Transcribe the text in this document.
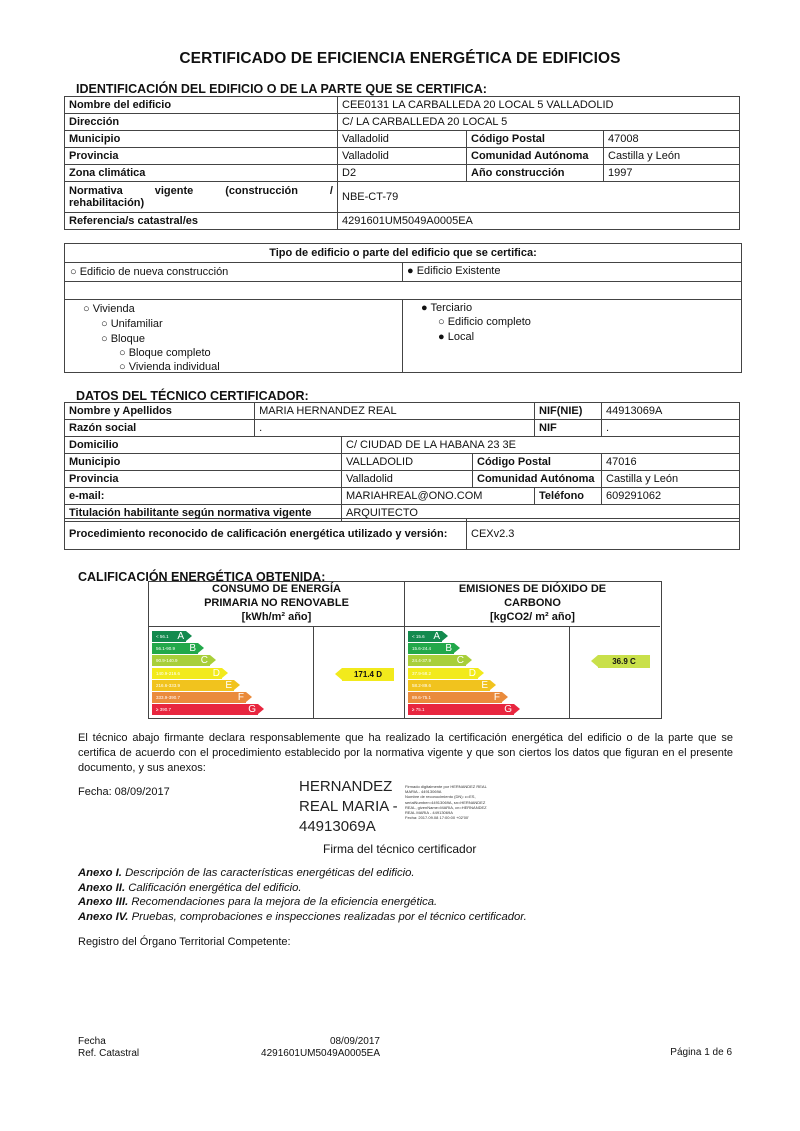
CERTIFICADO DE EFICIENCIA ENERGÉTICA DE EDIFICIOS
IDENTIFICACIÓN DEL EDIFICIO O DE LA PARTE QUE SE CERTIFICA:
Nombre del edificio	CEE0131 LA CARBALLEDA 20 LOCAL 5 VALLADOLID		
Dirección	C/ LA CARBALLEDA 20 LOCAL 5		
Municipio	Valladolid	Código Postal	47008
Provincia	Valladolid	Comunidad Autónoma	Castilla y León
Zona climática	D2	Año construcción	1997

Normativa vigente (construcción /
rehabilitación)	NBE-CT-79		
Referencia/s catastral/es	4291601UM5049A0005EA		
Tipo de edificio o parte del edificio que se certifica:
○ Edificio de nueva construcción	● Edificio Existente
○ Vivienda
○ Unifamiliar
○ Bloque
○ Bloque completo
○ Vivienda individual
● Terciario
○ Edificio completo
● Local
DATOS DEL TÉCNICO CERTIFICADOR:
Nombre y Apellidos	MARIA HERNANDEZ REAL			NIF(NIE)	44913069A
Razón social	.			NIF	.
Domicilio		C/ CIUDAD DE LA HABANA 23 3E			
Municipio		VALLADOLID	Código Postal		47016
Provincia		Valladolid	Comunidad Autónoma		Castilla y León
e-mail:		MARIAHREAL@ONO.COM		Teléfono	609291062
Titulación habilitante según normativa vigente		ARQUITECTO			
Procedimiento reconocido de calificación energética utilizado y versión:	CEXv2.3
CALIFICACIÓN ENERGÉTICA OBTENIDA:
CONSUMO DE ENERGÍA
PRIMARIA NO RENOVABLE
[kWh/m² año]
< 56.1 A
56.1-90.9 B
90.9-140.9 C
140.9-216.6	D
216.6-333.9	E
333.9-390.7	F
≥ 390.7	G
171.4 D
EMISIONES DE DIÓXIDO DE
CARBONO
[kgCO2/ m² año]
< 15.6 A
15.6-24.4 B
24.4-37.9	C
37.9-58.2	D
58.2-89.6	E
89.6-75.1	F
≥ 75.1	G
36.9 C
El técnico abajo firmante declara responsablemente que ha realizado la certificación energética del edificio o de la parte que se certifica de acuerdo con el procedimiento establecido por la normativa vigente y que son ciertos los datos que figuran en el presente documento, y sus anexos:
Fecha: 08/09/2017	HERNANDEZ
REAL MARIA -
44913069A
Firmado digitalmente por HERNANDEZ REAL
MARIA - 44913069A
Nombre de reconocimiento (DN): c=ES,
serialNumber=44913069A, sn=HERNANDEZ
REAL, givenName=MARIA, cn=HERNANDEZ
REAL MARIA - 44913069A
Fecha: 2017.09.08 17:00:00 +02'00'
Firma del técnico certificador
Anexo I. Descripción de las características energéticas del edificio.
Anexo II. Calificación energética del edificio.
Anexo III. Recomendaciones para la mejora de la eficiencia energética.
Anexo IV. Pruebas, comprobaciones e inspecciones realizadas por el técnico certificador.
Registro del Órgano Territorial Competente:
Fecha
Ref. Catastral
08/09/2017
4291601UM5049A0005EA	Página 1 de 6
